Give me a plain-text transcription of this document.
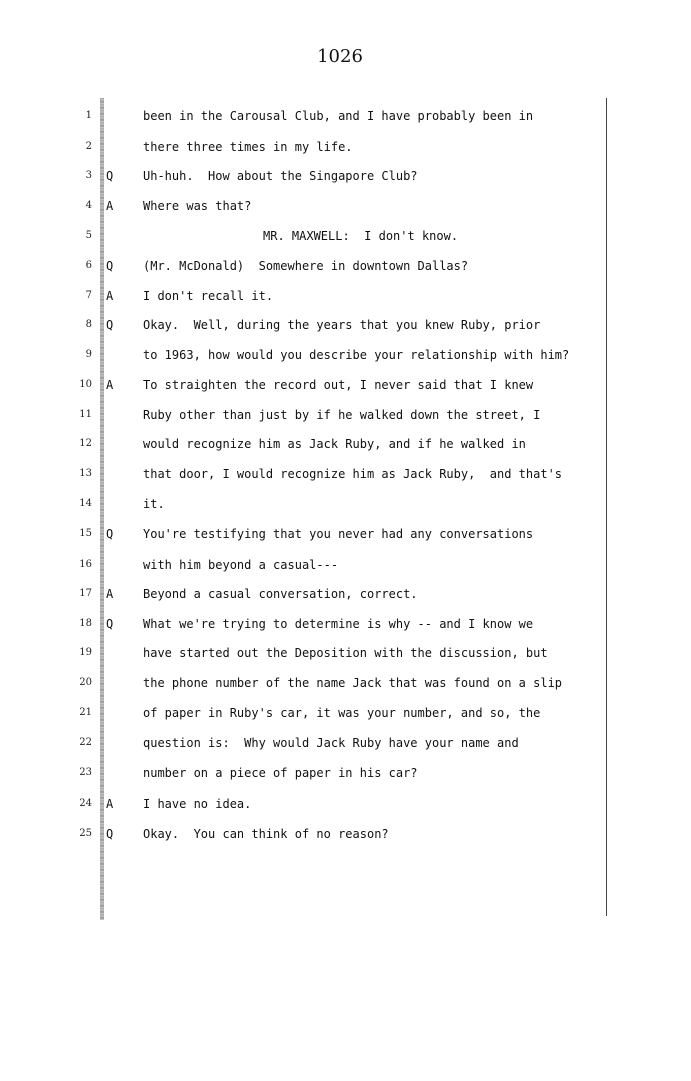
1026
1	been in the Carousal Club, and I have probably been in
2	there three times in my life.
3 Q	Uh-huh.  How about the Singapore Club?
4 A	Where was that?
5	MR. MAXWELL:  I don't know.
6 Q	(Mr. McDonald)  Somewhere in downtown Dallas?
7 A	I don't recall it.
8 Q	Okay.  Well, during the years that you knew Ruby, prior
9	to 1963, how would you describe your relationship with him?
10 A	To straighten the record out, I never said that I knew
11	Ruby other than just by if he walked down the street, I
12	would recognize him as Jack Ruby, and if he walked in
13	that door, I would recognize him as Jack Ruby,  and that's
14	it.
15 Q	You're testifying that you never had any conversations
16	with him beyond a casual---
17 A	Beyond a casual conversation, correct.
18 Q	What we're trying to determine is why -- and I know we
19	have started out the Deposition with the discussion, but
20	the phone number of the name Jack that was found on a slip
21	of paper in Ruby's car, it was your number, and so, the
22	question is:  Why would Jack Ruby have your name and
23	number on a piece of paper in his car?
24 A	I have no idea.
25 Q	Okay.  You can think of no reason?
